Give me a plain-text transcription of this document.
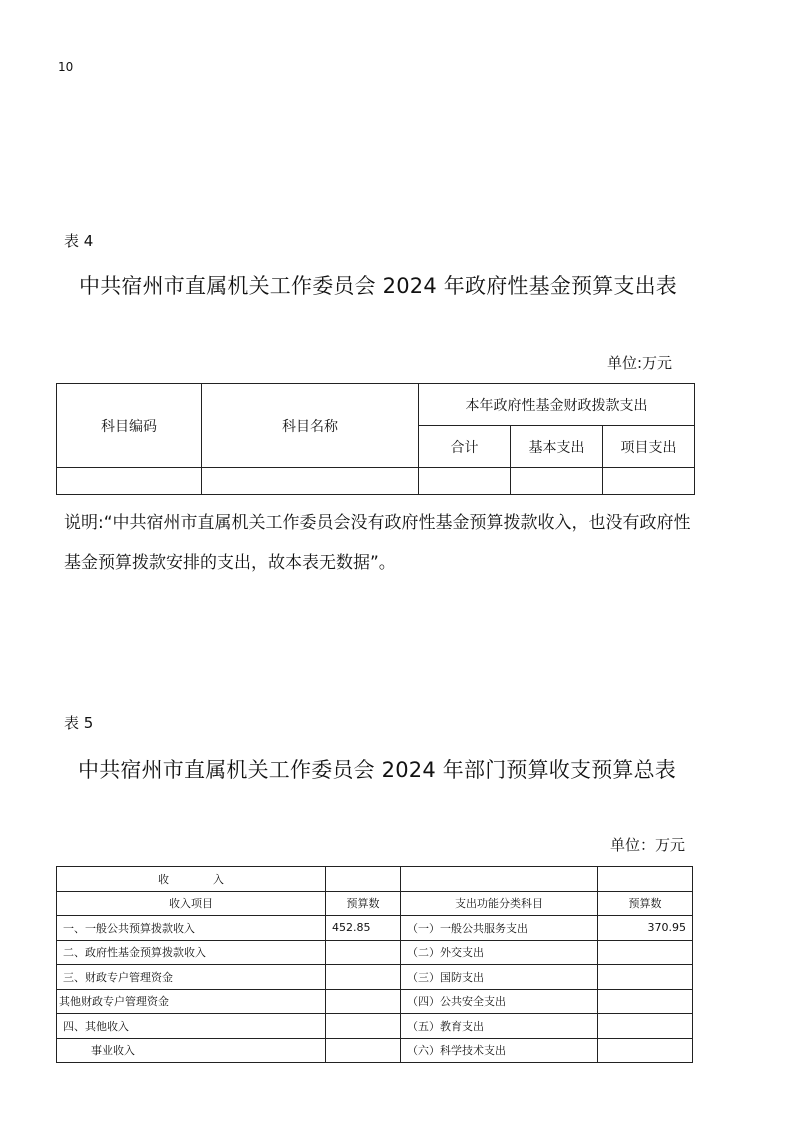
10
表 4
中共宿州市直属机关工作委员会 2024 年政府性基金预算支出表
单位:万元
科目编码	科目名称	本年政府性基金财政拨款支出		
		合计	基本支出	项目支出

说明:“中共宿州市直属机关工作委员会没有政府性基金预算拨款收入，也没有政府性基金预算拨款安排的支出，故本表无数据”。
表 5
中共宿州市直属机关工作委员会 2024 年部门预算收支预算总表
单位：万元
收　　　　入			
收入项目	预算数	支出功能分类科目	预算数
一、一般公共预算拨款收入	452.85	（一）一般公共服务支出	370.95
二、政府性基金预算拨款收入		（二）外交支出	
三、财政专户管理资金		（三）国防支出	
其他财政专户管理资金		（四）公共安全支出	
四、其他收入		（五）教育支出	
事业收入		（六）科学技术支出	
